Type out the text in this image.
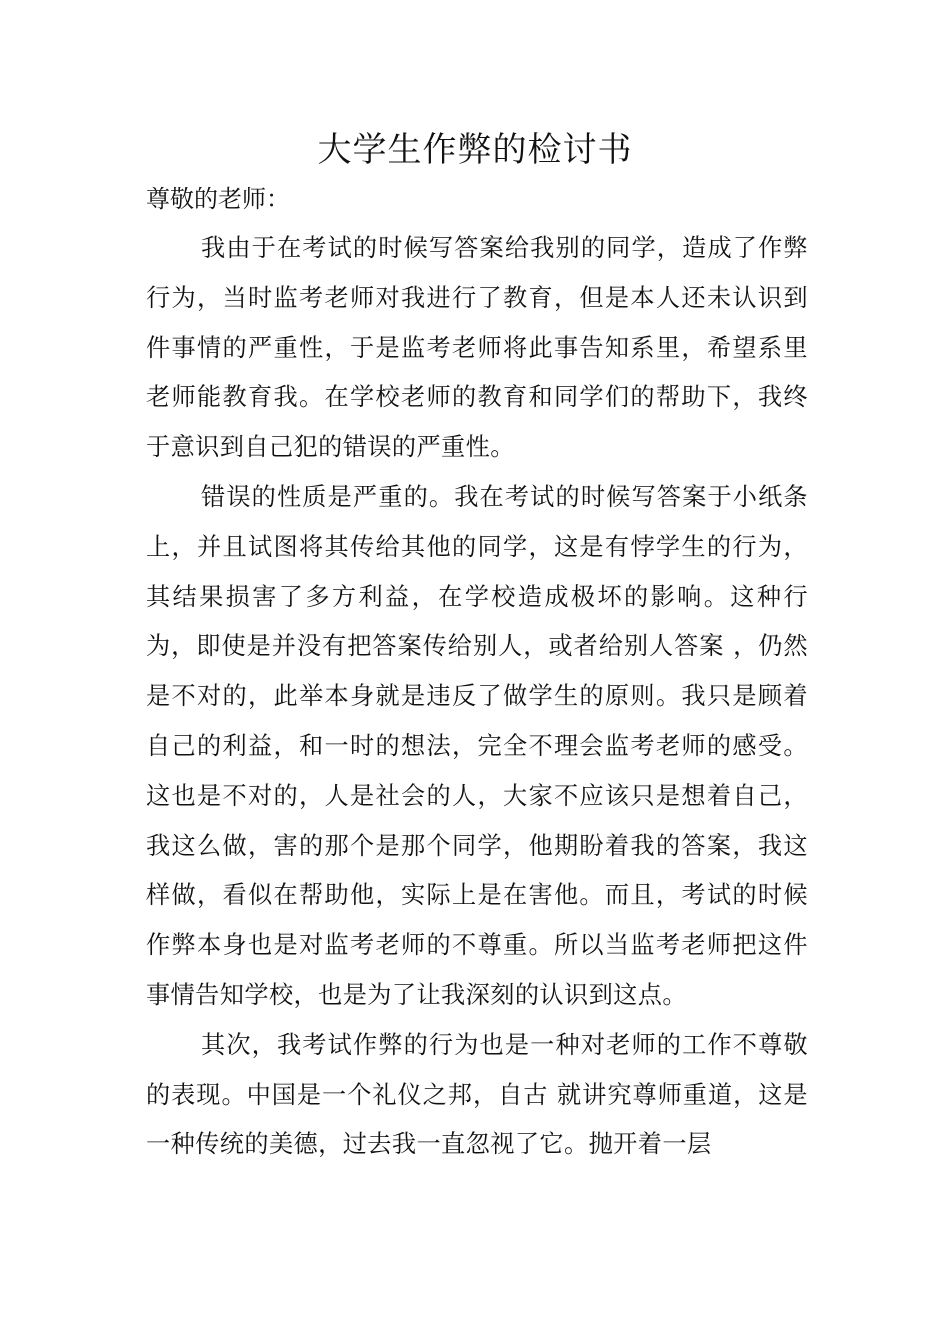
大学生作弊的检讨书

尊敬的老师：

我由于在考试的时候写答案给我别的同学，造成了作弊行为，当时监考老师对我进行了教育，但是本人还未认识到件事情的严重性，于是监考老师将此事告知系里，希望系里老师能教育我。在学校老师的教育和同学们的帮助下，我终于意识到自己犯的错误的严重性。

错误的性质是严重的。我在考试的时候写答案于小纸条上，并且试图将其传给其他的同学，这是有悖学生的行为，其结果损害了多方利益，在学校造成极坏的影响。这种行为，即使是并没有把答案传给别人，或者给别人答案 ，仍然是不对的，此举本身就是违反了做学生的原则。我只是顾着自己的利益，和一时的想法，完全不理会监考老师的感受。这也是不对的，人是社会的人，大家不应该只是想着自己，我这么做，害的那个是那个同学，他期盼着我的答案，我这样做，看似在帮助他，实际上是在害他。而且，考试的时候作弊本身也是对监考老师的不尊重。所以当监考老师把这件事情告知学校，也是为了让我深刻的认识到这点。

其次，我考试作弊的行为也是一种对老师的工作不尊敬的表现。中国是一个礼仪之邦，自古 就讲究尊师重道，这是一种传统的美德，过去我一直忽视了它。抛开着一层
